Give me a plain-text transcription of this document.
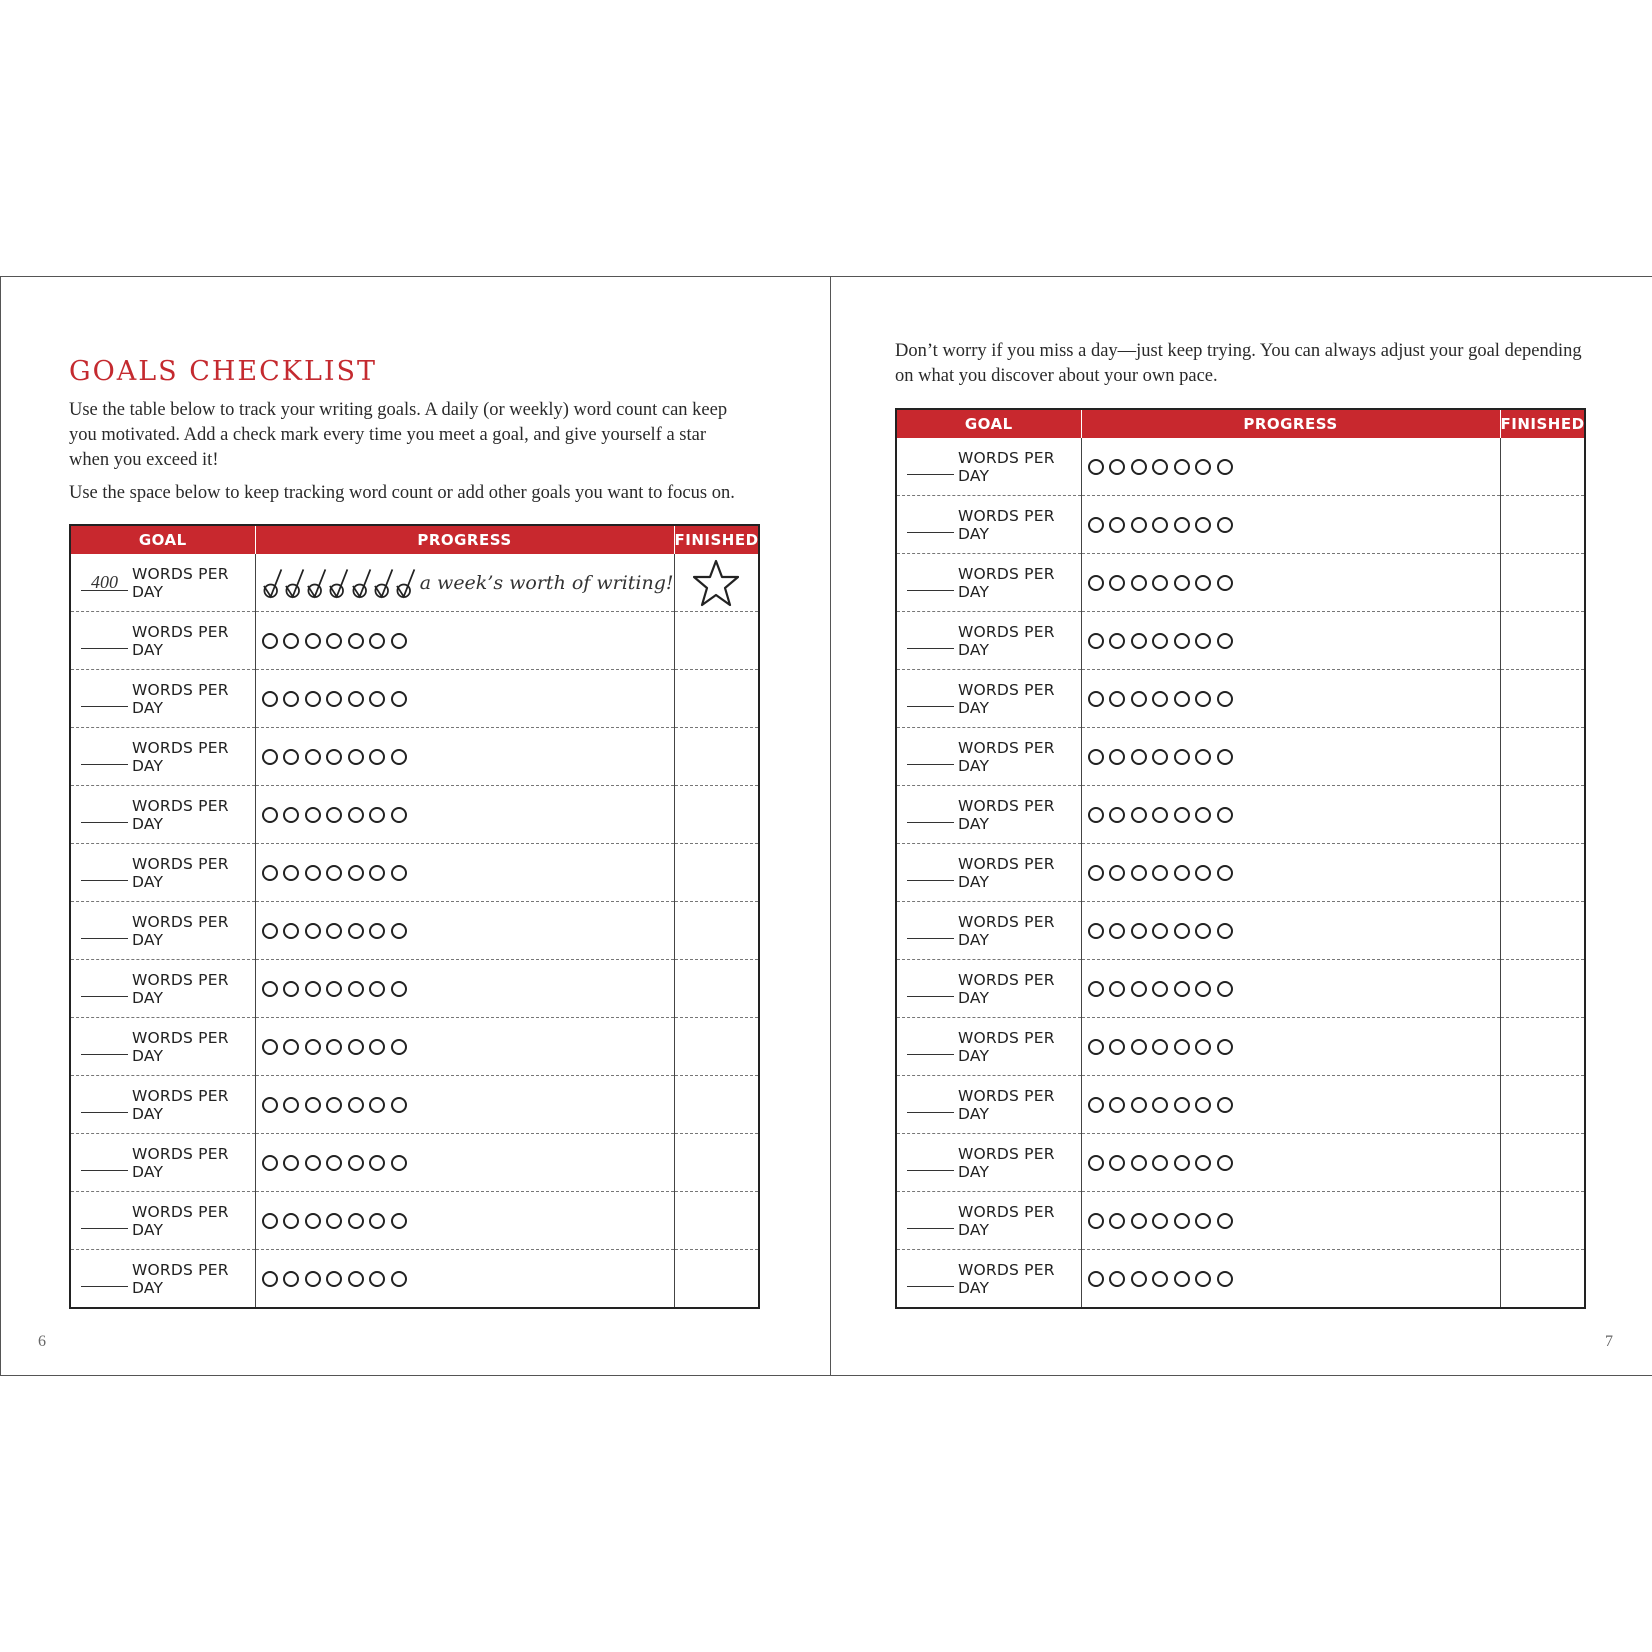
GOALS CHECKLIST

Use the table below to track your writing goals. A daily (or weekly) word count can keep you motivated. Add a check mark every time you meet a goal, and give yourself a star when you exceed it!

Use the space below to keep tracking word count or add other goals you want to focus on.

GOAL	PROGRESS	FINISHED!

400 WORDS PER DAY	a week’s worth of writing!

WORDS PER DAY		

WORDS PER DAY		

WORDS PER DAY		

WORDS PER DAY		

WORDS PER DAY		

WORDS PER DAY		

WORDS PER DAY		

WORDS PER DAY		

WORDS PER DAY		

WORDS PER DAY		

WORDS PER DAY		

WORDS PER DAY		

6

Don’t worry if you miss a day—just keep trying. You can always adjust your goal depending on what you discover about your own pace.

GOAL	PROGRESS	FINISHED!

WORDS PER DAY		

WORDS PER DAY		

WORDS PER DAY		

WORDS PER DAY		

WORDS PER DAY		

WORDS PER DAY		

WORDS PER DAY		

WORDS PER DAY		

WORDS PER DAY		

WORDS PER DAY		

WORDS PER DAY		

WORDS PER DAY		

WORDS PER DAY		

WORDS PER DAY		

WORDS PER DAY		

7
